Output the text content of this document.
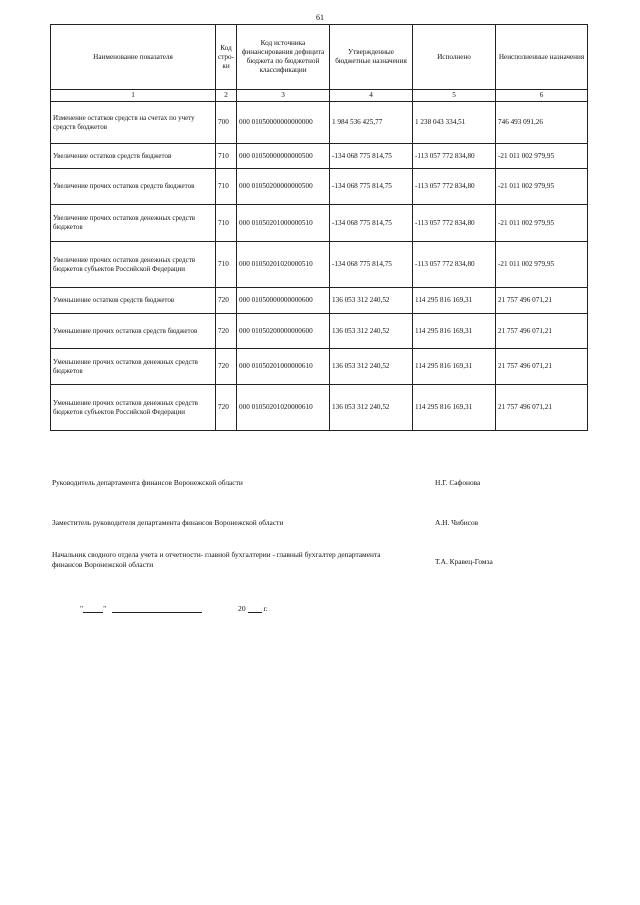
61
Наименование показателя	Код стро-ки	Код источника финансирования дефицита бюджета по бюджетной классификации	Утвержденные бюджетные назначения	Исполнено	Неисполненные назначения
1	2	3	4	5	6
Изменение остатков средств на счетах по учету средств бюджетов	700	000 01050000000000000	1 984 536 425,77	1 238 043 334,51	746 493 091,26
Увеличение остатков средств бюджетов	710	000 01050000000000500	-134 068 775 814,75	-113 057 772 834,80	-21 011 002 979,95
Увеличение прочих остатков средств бюджетов	710	000 01050200000000500	-134 068 775 814,75	-113 057 772 834,80	-21 011 002 979,95
Увеличение прочих остатков денежных средств бюджетов	710	000 01050201000000510	-134 068 775 814,75	-113 057 772 834,80	-21 011 002 979,95
Увеличение прочих остатков денежных средств бюджетов субъектов Российской Федерации	710	000 01050201020000510	-134 068 775 814,75	-113 057 772 834,80	-21 011 002 979,95
Уменьшение остатков средств бюджетов	720	000 01050000000000600	136 053 312 240,52	114 295 816 169,31	21 757 496 071,21
Уменьшение прочих остатков средств бюджетов	720	000 01050200000000600	136 053 312 240,52	114 295 816 169,31	21 757 496 071,21
Уменьшение прочих остатков денежных средств бюджетов	720	000 01050201000000610	136 053 312 240,52	114 295 816 169,31	21 757 496 071,21
Уменьшение прочих остатков денежных средств бюджетов субъектов Российской Федерации	720	000 01050201020000610	136 053 312 240,52	114 295 816 169,31	21 757 496 071,21
Руководитель департамента финансов Воронежской области	Н.Г. Сафонова
Заместитель руководителя департамента финансов Воронежской области	А.Н. Чибисов
Начальник сводного отдела учета и отчетности- главной бухгалтерии - главный бухгалтер департамента финансов Воронежской области	Т.А. Кравец-Гомза
"	"	20 г.
